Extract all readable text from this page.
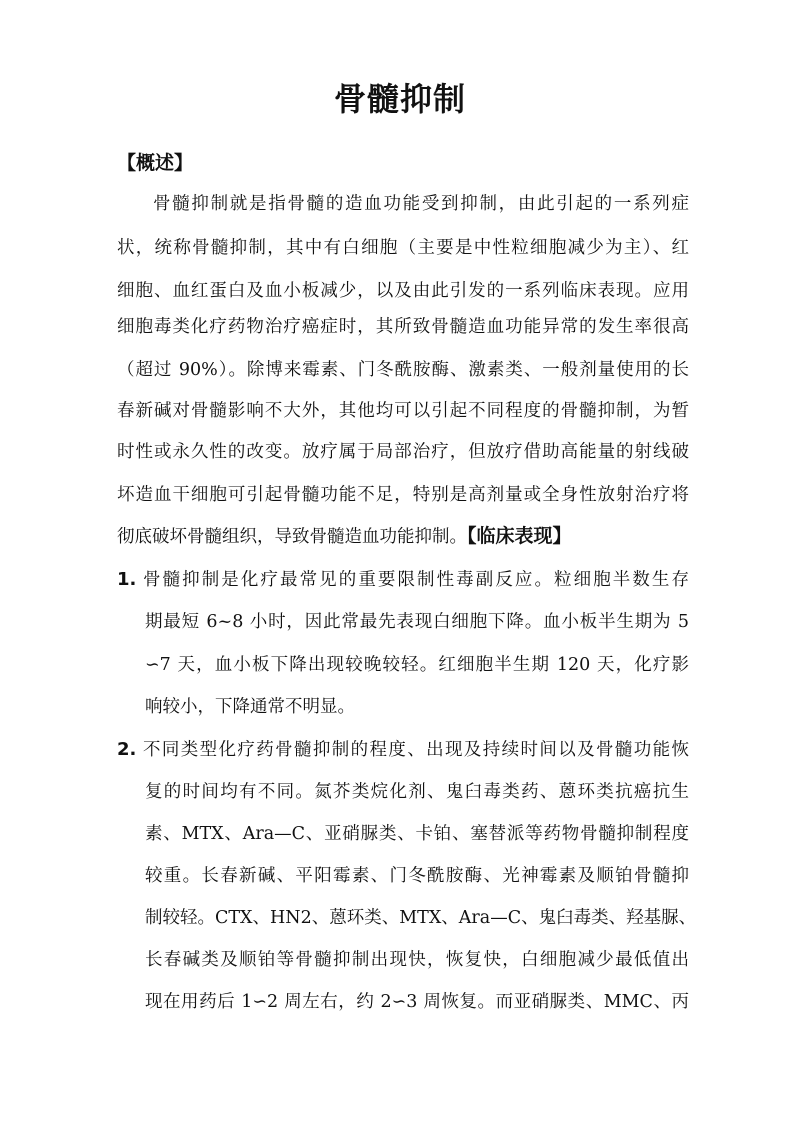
骨髓抑制
【概述】
骨髓抑制就是指骨髓的造血功能受到抑制，由此引起的一系列症
状，统称骨髓抑制，其中有白细胞（主要是中性粒细胞减少为主）、红
细胞、血红蛋白及血小板减少，以及由此引发的一系列临床表现。应用
细胞毒类化疗药物治疗癌症时，其所致骨髓造血功能异常的发生率很高
（超过 90%）。除博来霉素、门冬酰胺酶、激素类、一般剂量使用的长
春新碱对骨髓影响不大外，其他均可以引起不同程度的骨髓抑制，为暂
时性或永久性的改变。放疗属于局部治疗，但放疗借助高能量的射线破
坏造血干细胞可引起骨髓功能不足，特别是高剂量或全身性放射治疗将
彻底破坏骨髓组织，导致骨髓造血功能抑制。【临床表现】
1. 骨髓抑制是化疗最常见的重要限制性毒副反应。粒细胞半数生存
期最短 6~8 小时，因此常最先表现白细胞下降。血小板半生期为 5
∽7 天，血小板下降出现较晚较轻。红细胞半生期 120 天，化疗影
响较小，下降通常不明显。
2. 不同类型化疗药骨髓抑制的程度、出现及持续时间以及骨髓功能恢
复的时间均有不同。氮芥类烷化剂、鬼臼毒类药、蒽环类抗癌抗生
素、MTX、Ara—C、亚硝脲类、卡铂、塞替派等药物骨髓抑制程度
较重。长春新碱、平阳霉素、门冬酰胺酶、光神霉素及顺铂骨髓抑
制较轻。CTX、HN2、蒽环类、MTX、Ara—C、鬼臼毒类、羟基脲、
长春碱类及顺铂等骨髓抑制出现快，恢复快，白细胞减少最低值出
现在用药后 1∽2 周左右，约 2∽3 周恢复。而亚硝脲类、MMC、丙
